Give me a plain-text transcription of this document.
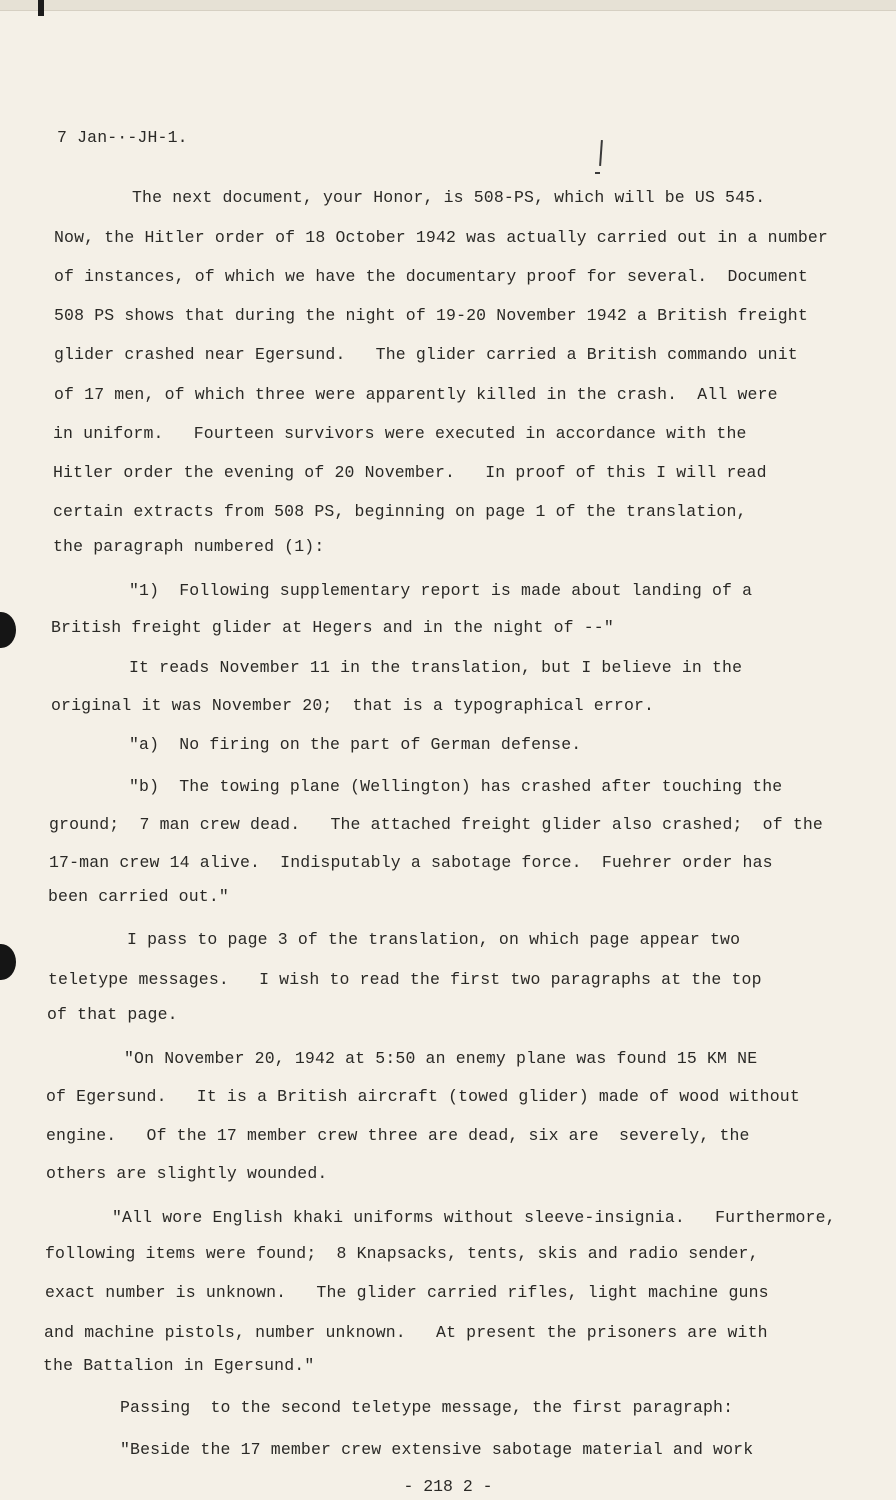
7 Jan-·-JH-1.
The next document, your Honor, is 508-PS, which will be US 545.
Now, the Hitler order of 18 October 1942 was actually carried out in a number
of instances, of which we have the documentary proof for several.  Document
508 PS shows that during the night of 19-20 November 1942 a British freight
glider crashed near Egersund.   The glider carried a British commando unit
of 17 men, of which three were apparently killed in the crash.  All were
in uniform.   Fourteen survivors were executed in accordance with the
Hitler order the evening of 20 November.   In proof of this I will read
certain extracts from 508 PS, beginning on page 1 of the translation,
the paragraph numbered (1):
"1)  Following supplementary report is made about landing of a
British freight glider at Hegers and in the night of --"
It reads November 11 in the translation, but I believe in the
original it was November 20;  that is a typographical error.
"a)  No firing on the part of German defense.
"b)  The towing plane (Wellington) has crashed after touching the
ground;  7 man crew dead.   The attached freight glider also crashed;  of the
17-man crew 14 alive.  Indisputably a sabotage force.  Fuehrer order has
been carried out."
I pass to page 3 of the translation, on which page appear two
teletype messages.   I wish to read the first two paragraphs at the top
of that page.
"On November 20, 1942 at 5:50 an enemy plane was found 15 KM NE
of Egersund.   It is a British aircraft (towed glider) made of wood without
engine.   Of the 17 member crew three are dead, six are  severely, the
others are slightly wounded.
"All wore English khaki uniforms without sleeve-insignia.   Furthermore,
following items were found;  8 Knapsacks, tents, skis and radio sender,
exact number is unknown.   The glider carried rifles, light machine guns
and machine pistols, number unknown.   At present the prisoners are with
the Battalion in Egersund."
Passing  to the second teletype message, the first paragraph:
"Beside the 17 member crew extensive sabotage material and work
- 218 2 -
